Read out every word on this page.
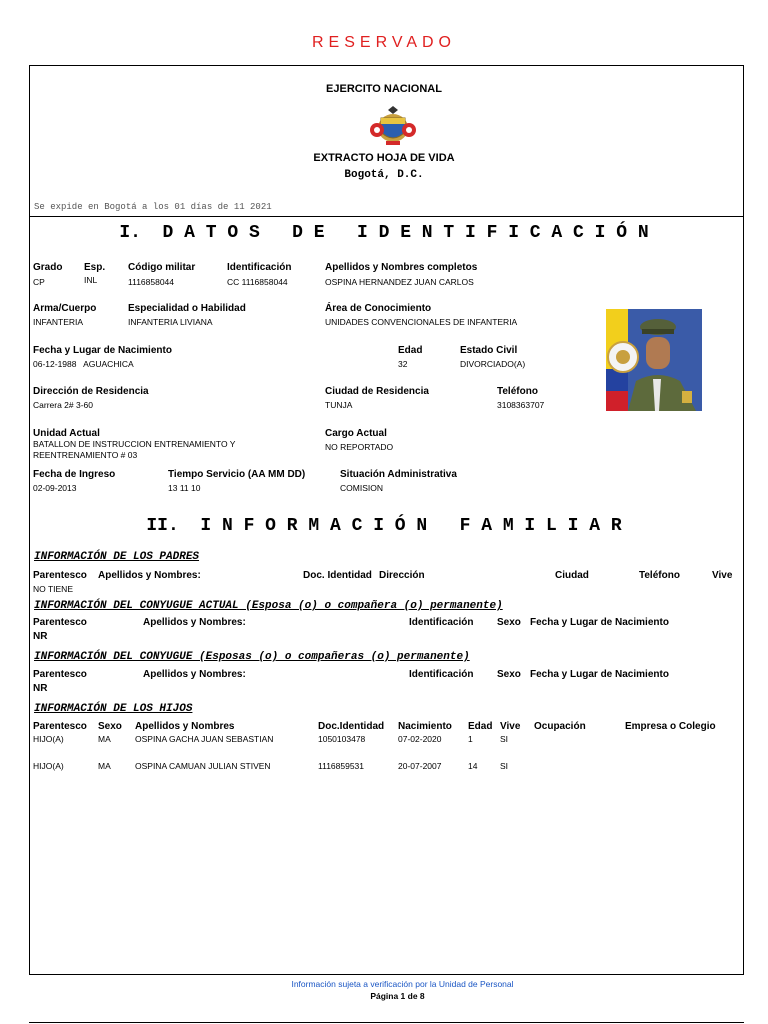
RESERVADO
EJERCITO NACIONAL
EXTRACTO HOJA DE VIDA
Bogotá, D.C.
Se expide en Bogotá a los 01 días de 11 2021
I.  D A T O S   D E   I D E N T I F I C A C I Ó N
Grado
CP
Esp.
INL
Código militar
1116858044
Identificación
CC 1116858044
Apellidos y Nombres completos
OSPINA HERNANDEZ JUAN CARLOS
Arma/Cuerpo
INFANTERIA
Especialidad o Habilidad
INFANTERIA LIVIANA
Área de Conocimiento
UNIDADES CONVENCIONALES DE INFANTERIA
Fecha y Lugar de Nacimiento
06-12-1988   AGUACHICA
Edad
32
Estado Civil
DIVORCIADO(A)
Dirección de Residencia
Carrera 2# 3-60
Ciudad de Residencia
TUNJA
Teléfono
3108363707
Unidad Actual
BATALLON DE INSTRUCCION ENTRENAMIENTO Y REENTRENAMIENTO # 03
Cargo Actual
NO REPORTADO
Fecha de Ingreso
02-09-2013
Tiempo Servicio (AA MM DD)
13 11 10
Situación Administrativa
COMISION
II.  I N F O R M A C I Ó N   F A M I L I A R
INFORMACIÓN DE LOS PADRES
Parentesco Apellidos y Nombres:	Doc. Identidad Dirección	Ciudad	Teléfono	Vive
NO TIENE
INFORMACIÓN DEL CONYUGUE ACTUAL (Esposa (o) o compañera (o) permanente)
Parentesco	Apellidos y Nombres:	Identificación Sexo Fecha y Lugar de Nacimiento
NR
INFORMACIÓN DEL CONYUGUE (Esposas (o) o compañeras (o) permanente)
Parentesco	Apellidos y Nombres:	Identificación Sexo Fecha y Lugar de Nacimiento
NR
INFORMACIÓN DE LOS HIJOS
Parentesco Sexo Apellidos y Nombres	Doc.Identidad Nacimiento Edad Vive Ocupación	Empresa o Colegio
HIJO(A)	MA	OSPINA GACHA JUAN SEBASTIAN	1050103478	07-02-2020	1	SI
HIJO(A)	MA	OSPINA CAMUAN JULIAN STIVEN	1116859531	20-07-2007	14	SI
Información sujeta a verificación por la Unidad de Personal
Página 1 de 8
